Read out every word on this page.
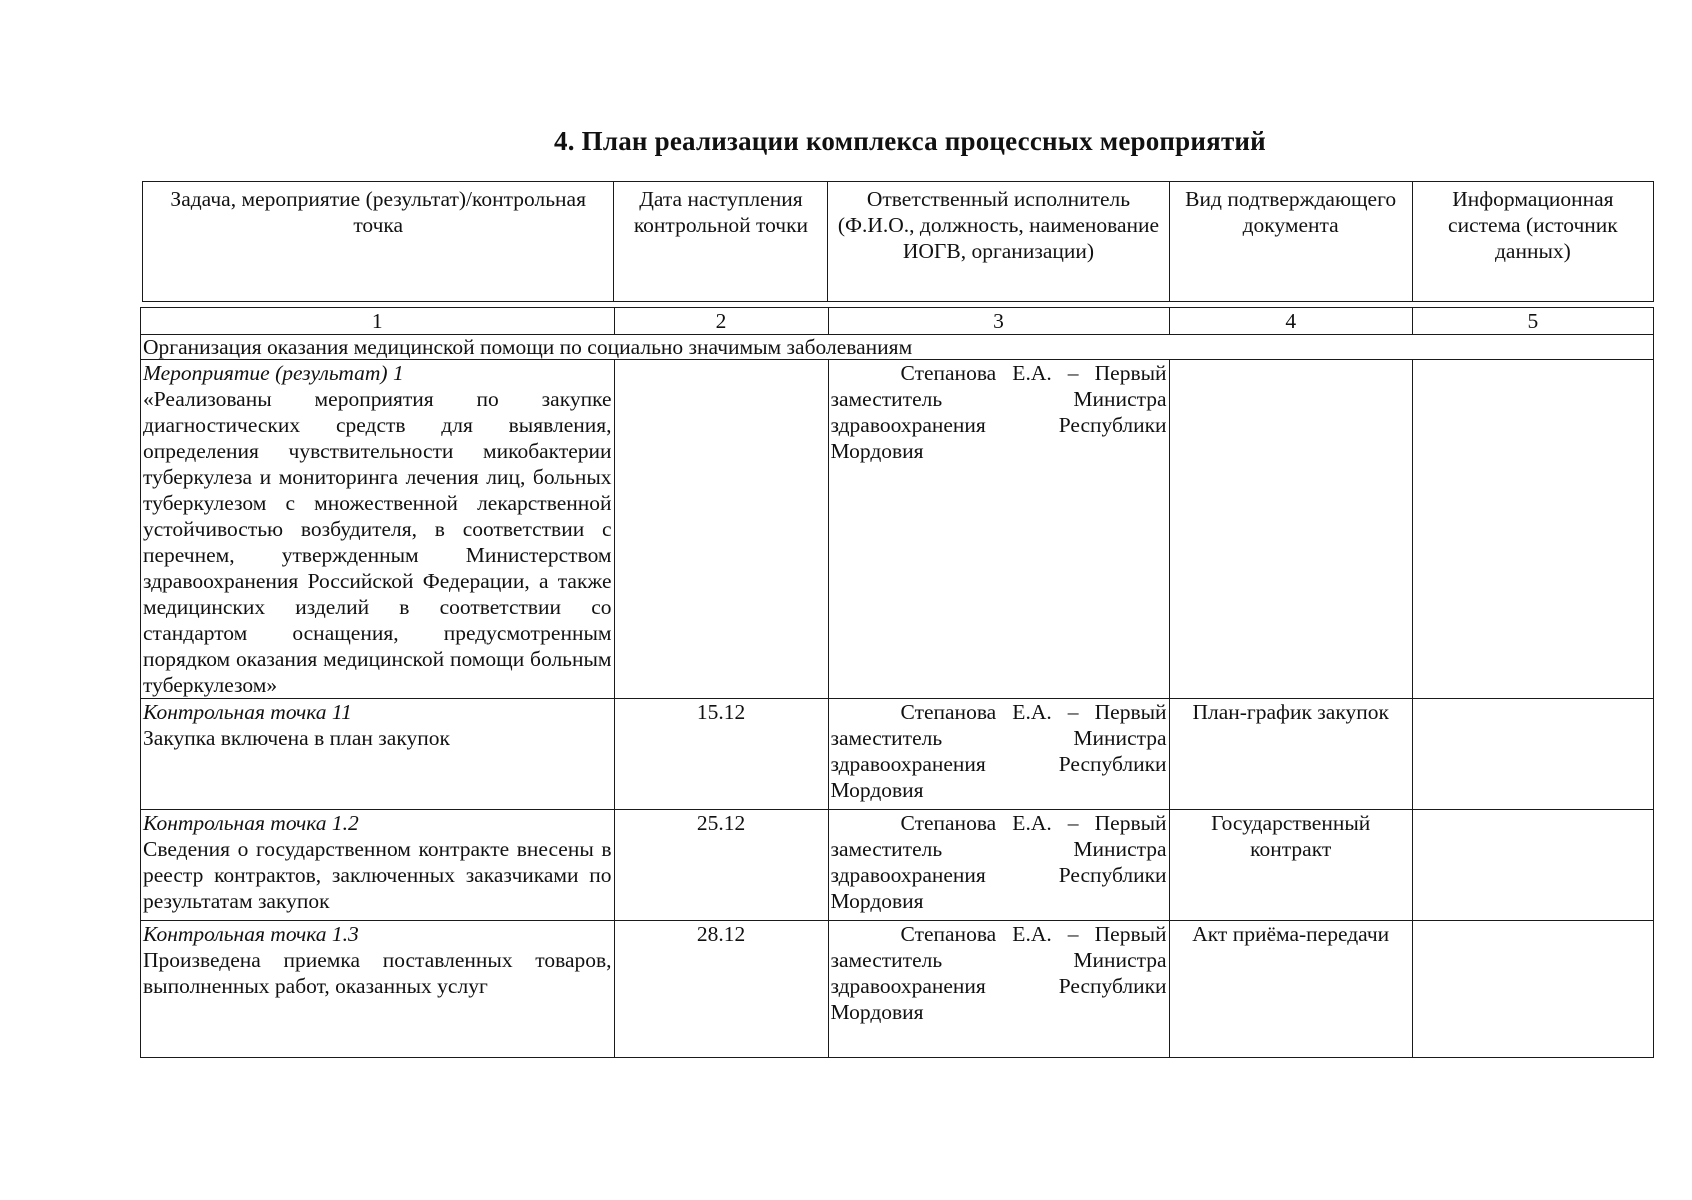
4. План реализации комплекса процессных мероприятий
Задача, мероприятие (результат)/контрольная точка	Дата наступления контрольной точки	Ответственный исполнитель (Ф.И.О., должность, наименование ИОГВ, организации)	Вид подтверждающего документа	Информационная система (источник данных)
1	2	3	4	5
Организация оказания медицинской помощи по социально значимым заболеваниям				

Мероприятие (результат) 1
«Реализованы мероприятия по закупке диагностических средств для выявления, определения чувствительности микобактерии туберкулеза и мониторинга лечения лиц, больных туберкулезом с множественной лекарственной устойчивостью возбудителя, в соответствии с перечнем, утвержденным Министерством здравоохранения Российской Федерации, а также медицинских изделий в соответствии со стандартом оснащения, предусмотренным порядком оказания медицинской помощи больным туберкулезом»		Степанова Е.А. – Первый заместитель Министра здравоохранения Республики Мордовия		

Контрольная точка 11
Закупка включена в план закупок	15.12	Степанова Е.А. – Первый заместитель Министра здравоохранения Республики Мордовия	План-график закупок	

Контрольная точка 1.2
Сведения о государственном контракте внесены в реестр контрактов, заключенных заказчиками по результатам закупок	25.12	Степанова Е.А. – Первый заместитель Министра здравоохранения Республики Мордовия	Государственный контракт	

Контрольная точка 1.3
Произведена приемка поставленных товаров, выполненных работ, оказанных услуг	28.12	Степанова Е.А. – Первый заместитель Министра здравоохранения Республики Мордовия	Акт приёма-передачи	
